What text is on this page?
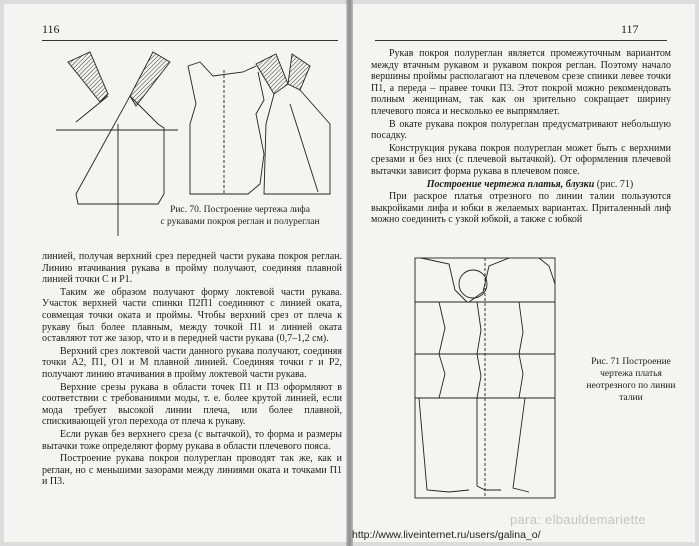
116
Рис. 70. Построение чертежа лифа
с рукавами покроя реглан и полуреглан

линией, получая верхний срез передней части рукава покроя реглан. Линию втачивания рукава в пройму получают, соединяя плавной линией точки С и P1.

Таким же образом получают форму локтевой части рукава. Участок верхней части спинки П2П1 соединяют с линией оката, совмещая точки оката и проймы. Чтобы верхний срез от плеча к рукаву был более плавным, между точкой П1 и линией оката оставляют тот же зазор, что и в передней части рукава (0,7–1,2 см).

Верхний срез локтевой части данного рукава получают, соединяя точки A2, П1, O1 и M плавной линией. Соединяя точки г и P2, получают линию втачивания в пройму локтевой части рукава.

Верхние срезы рукава в области точек П1 и П3 оформляют в соответствии с требованиями моды, т. е. более крутой линией, если мода требует высокой линии плеча, или более плавной, спискивающей угол перехода от плеча к рукаву.

Если рукав без верхнего среза (с вытачкой), то форма и размеры вытачки тоже определяют форму рукава в области плечевого пояса.

Построение рукава покроя полуреглан проводят так же, как и реглан, но с меньшими зазорами между линиями оката и точками П1 и П3.

117

Рукав покроя полуреглан является промежуточным вариантом между втачным рукавом и рукавом покроя реглан. Поэтому начало вершины проймы располагают на плечевом срезе спинки левее точки П1, а переда – правее точки П3. Этот покрой можно рекомендовать полным женщинам, так как он зрительно сокращает ширину плечевого пояса и несколько ее выпрямляет.

В окате рукава покроя полуреглан предусматривают небольшую посадку.

Конструкция рукава покроя полуреглан может быть с верхними срезами и без них (с плечевой вытачкой). От оформления плечевой вытачки зависит форма рукава в плечевом поясе.

Построение чертежа платья, блузки (рис. 71)

При раскрое платья отрезного по линии талии пользуются выкройками лифа и юбки в желаемых вариантах. Приталенный лиф можно соединить с узкой юбкой, а также с юбкой

Рис. 71 Построение чертежа платья неотрезного по линии талии
para: elbauldemariette
http://www.liveinternet.ru/users/galina_o/
